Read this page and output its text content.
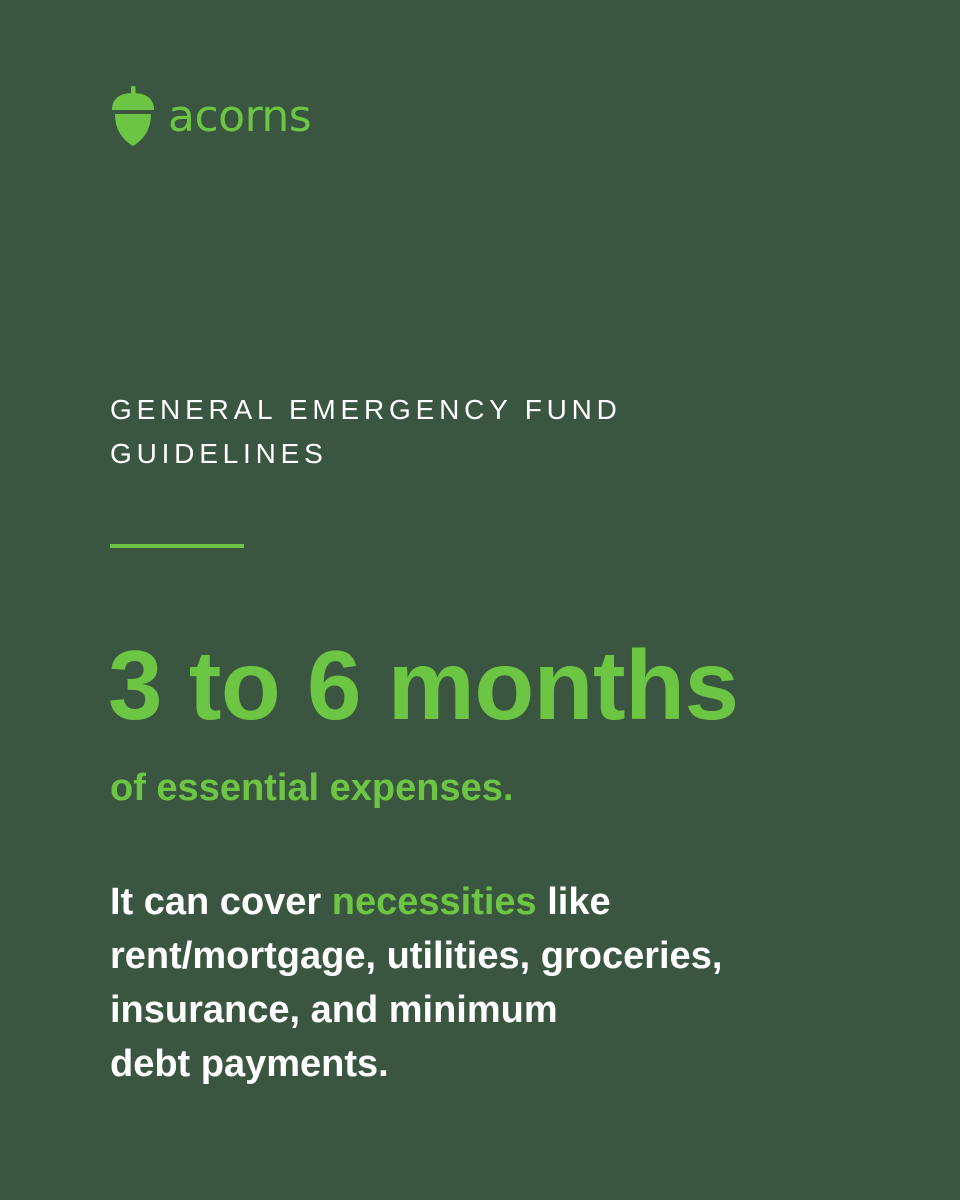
acorns
GENERAL EMERGENCY FUND
GUIDELINES
3 to 6 months
of essential expenses.
It can cover necessities like
rent/mortgage, utilities, groceries,
insurance, and minimum
debt payments.
